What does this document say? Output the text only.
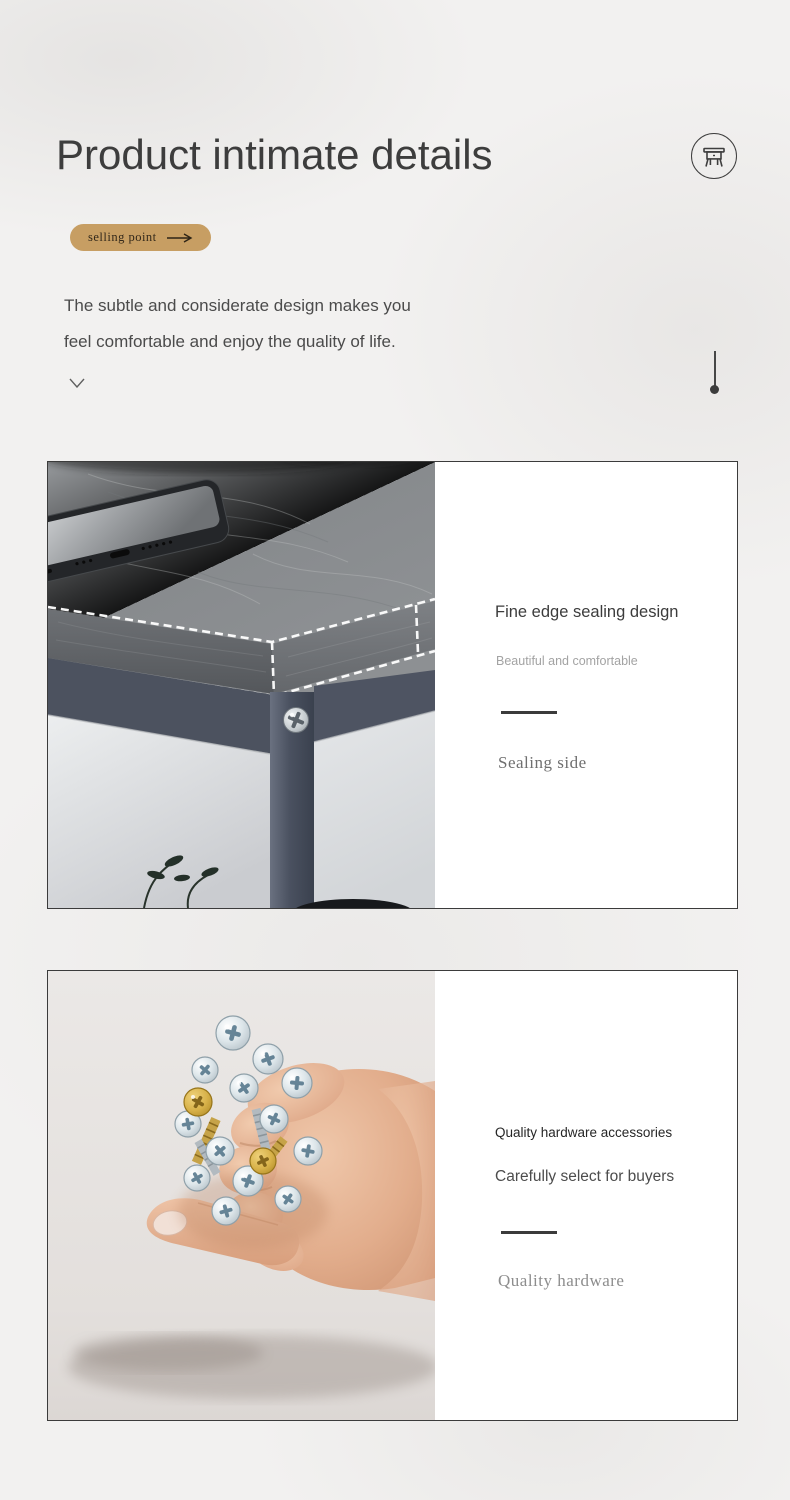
Product intimate details
selling point

The subtle and considerate design makes you
feel comfortable and enjoy the quality of life.

Fine edge sealing design
Beautiful and comfortable
Sealing side
Quality hardware accessories
Carefully select for buyers
Quality hardware
